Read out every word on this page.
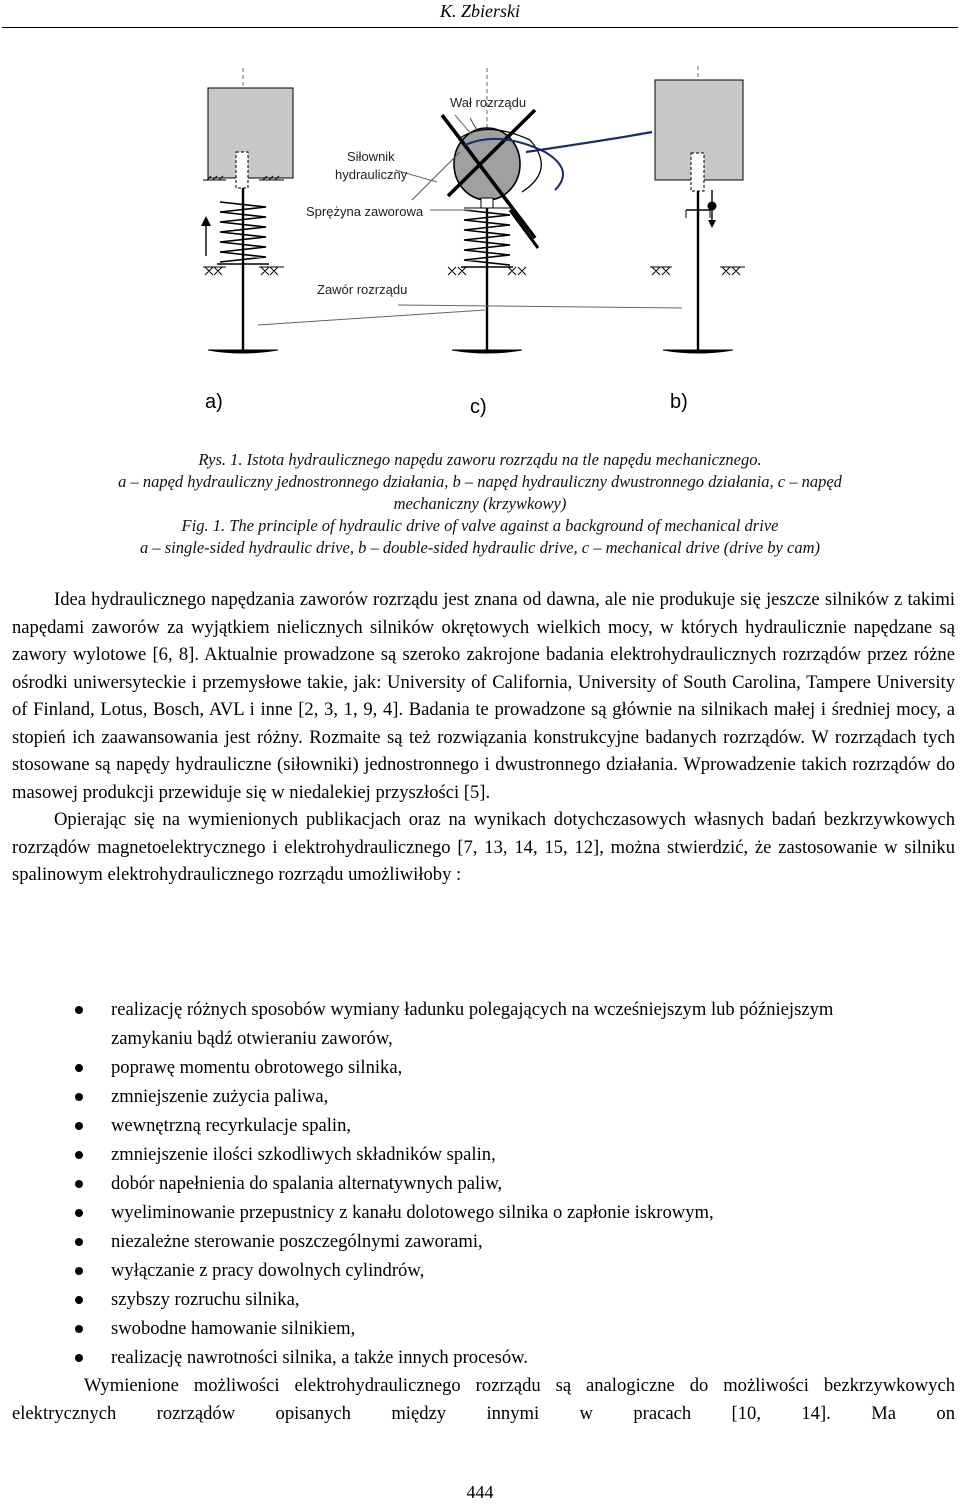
K. Zbierski
Wał rozrządu
Siłownik
hydrauliczny
Sprężyna zaworowa
Zawór rozrządu
a)	c)	b)
Rys. 1. Istota hydraulicznego napędu zaworu rozrządu na tle napędu mechanicznego.
a – napęd hydrauliczny jednostronnego działania, b – napęd hydrauliczny dwustronnego działania, c – napęd
mechaniczny (krzywkowy)
Fig. 1. The principle of hydraulic drive of valve against a background of mechanical drive
a – single-sided hydraulic drive, b – double-sided hydraulic drive, c – mechanical drive (drive by cam)

Idea hydraulicznego napędzania zaworów rozrządu jest znana od dawna, ale nie produkuje się jeszcze silników z takimi napędami zaworów za wyjątkiem nielicznych silników okrętowych wielkich mocy, w których hydraulicznie napędzane są zawory wylotowe [6, 8]. Aktualnie prowadzone są szeroko zakrojone badania elektrohydraulicznych rozrządów przez różne ośrodki uniwersyteckie i przemysłowe takie, jak: University of California, University of South Carolina, Tampere University of Finland, Lotus, Bosch, AVL i inne [2, 3, 1, 9, 4]. Badania te prowadzone są głównie na silnikach małej i średniej mocy, a stopień ich zaawansowania jest różny. Rozmaite są też rozwiązania konstrukcyjne badanych rozrządów. W rozrządach tych stosowane są napędy hydrauliczne (siłowniki) jednostronnego i dwustronnego działania. Wprowadzenie takich rozrządów do masowej produkcji przewiduje się w niedalekiej przyszłości [5].

Opierając się na wymienionych publikacjach oraz na wynikach dotychczasowych własnych badań bezkrzywkowych rozrządów magnetoelektrycznego i elektrohydraulicznego [7, 13, 14, 15, 12], można stwierdzić, że zastosowanie w silniku spalinowym elektrohydraulicznego rozrządu umożliwiłoby :

realizację różnych sposobów wymiany ładunku polegających na wcześniejszym lub późniejszym zamykaniu bądź otwieraniu zaworów,
poprawę momentu obrotowego silnika,
zmniejszenie zużycia paliwa,
wewnętrzną recyrkulacje spalin,
zmniejszenie ilości szkodliwych składników spalin,
dobór napełnienia do spalania alternatywnych paliw,
wyeliminowanie przepustnicy z kanału dolotowego silnika o zapłonie iskrowym,
niezależne sterowanie poszczególnymi zaworami,
wyłączanie z pracy dowolnych cylindrów,
szybszy rozruchu silnika,
swobodne hamowanie silnikiem,
realizację nawrotności silnika, a także innych procesów.

Wymienione możliwości elektrohydraulicznego rozrządu są analogiczne do możliwości bezkrzywkowych elektrycznych rozrządów opisanych między innymi w pracach [10, 14]. Ma on

444
